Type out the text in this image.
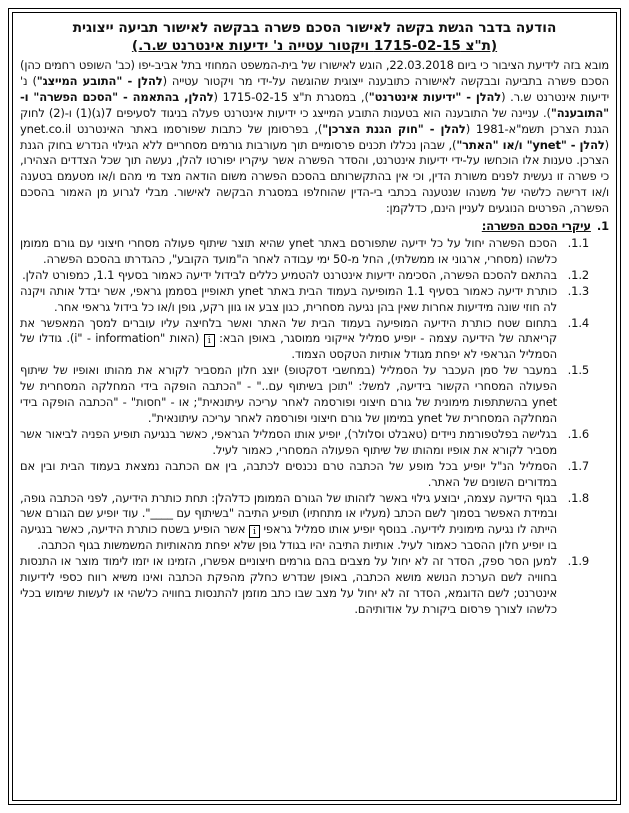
הודעה בדבר הגשת בקשה לאישור הסכם פשרה בבקשה לאישור תביעה ייצוגית
(ת"צ 1715-02-15 ויקטור עטייה נ' ידיעות אינטרנט ש.ר.)

מובא בזה לידיעת הציבור כי ביום 22.03.2018, הוגש לאישורו של בית-המשפט המחוזי בתל אביב-יפו (כב' השופט רחמים כהן) הסכם פשרה בתביעה ובבקשה לאישורה כתובענה ייצוגית שהוגשה על-ידי מר ויקטור עטייה (להלן - "התובע המייצג") נ' ידיעות אינטרנט ש.ר. (להלן - "ידיעות אינטרנט"), במסגרת ת"צ 1715-02-15 (להלן, בהתאמה - "הסכם הפשרה" ו-"התובענה"). עניינה של התובענה הוא בטענות התובע המייצג כי ידיעות אינטרנט פעלה בניגוד לסעיפים 7(ג)(1) ו-(2) לחוק הגנת הצרכן תשמ"א-1981 (להלן - "חוק הגנת הצרכן"), בפרסומן של כתבות שפורסמו באתר האינטרנט ynet.co.il (להלן - "ynet" ו/או "האתר"), שבהן נכללו תכנים פרסומיים תוך מעורבות גורמים מסחריים ללא הגילוי הנדרש בחוק הגנת הצרכן. טענות אלו הוכחשו על-ידי ידיעות אינטרנט, והסדר הפשרה אשר עיקריו יפורטו להלן, נעשה תוך שכל הצדדים הצהירו, כי פשרה זו נעשית לפנים משורת הדין, וכי אין בהתקשרותם בהסכם הפשרה משום הודאה מצד מי מהם ו/או מטעמם בטענה ו/או דרישה כלשהי של משנהו שנטענה בכתבי בי-הדין שהוחלפו במסגרת הבקשה לאישור. מבלי לגרוע מן האמור בהסכם הפשרה, הפרטים הנוגעים לעניין הינם, כדלקמן:

1.
עיקרי הסכם הפשרה:
1.1.
הסכם הפשרה יחול על כל ידיעה שתפורסם באתר ynet שהיא תוצר שיתוף פעולה מסחרי חיצוני עם גורם ממומן כלשהו (מסחרי, ארגוני או ממשלתי), החל מ-50 ימי עבודה לאחר ה"מועד הקובע", כהגדרתו בהסכם הפשרה.
1.2.
בהתאם להסכם הפשרה, הסכימה ידיעות אינטרנט להטמיע כללים לבידול ידיעה כאמור בסעיף 1.1, כמפורט להלן.
1.3.
כותרת ידיעה כאמור בסעיף 1.1 המופיעה בעמוד הבית באתר ynet תאופיין בסממן גראפי, אשר יבדל אותה ויקנה לה חוזי שונה מידיעות אחרות שאין בהן נגיעה מסחרית, כגון צבע או גוון רקע, גופן ו/או כל בידול גראפי אחר.
1.4.
בתחום שטח כותרת הידיעה המופיעה בעמוד הבית של האתר ואשר בלחיצה עליו עוברים למסך המאפשר את קריאתה של הידיעה עצמה - יופיע סמליל אייקוני ממוסגר, באופן הבא: i (האות "i" - information). גודלו של הסמליל הגראפי לא יפחת מגודל אותיות הטקסט הצמוד.
1.5.
במעבר של סמן העכבר על הסמליל (במחשבי דסקטופ) יוצג חלון המסביר לקורא את מהותו ואופיו של שיתוף הפעולה המסחרי הקשור בידיעה, למשל: "תוכן בשיתוף עם.." - "הכתבה הופקה בידי המחלקה המסחרית של ynet בהשתתפות מימונית של גורם חיצוני ופורסמה לאחר עריכה עיתונאית"; או - "חסות" - "הכתבה הופקה בידי המחלקה המסחרית של ynet במימון של גורם חיצוני ופורסמה לאחר עריכה עיתונאית".
1.6.
בגלישה בפלטפורמת ניידים (טאבלט וסלולר), יופיע אותו הסמליל הגראפי, כאשר בנגיעה תופיע הפניה לביאור אשר מסביר לקורא את אופיו ומהותו של שיתוף הפעולה המסחרי, כאמור לעיל.
1.7.
הסמליל הנ"ל יופיע בכל מופע של הכתבה טרם נכנסים לכתבה, בין אם הכתבה נמצאת בעמוד הבית ובין אם במדורים השונים של האתר.
1.8.
בגוף הידיעה עצמה, יבוצע גילוי באשר לזהותו של הגורם הממומן כדלהלן: תחת כותרת הידיעה, לפני הכתבה גופה, ובמידת האפשר בסמוך לשם הכתב (מעליו או מתחתיו) תופיע התיבה "בשיתוף עם ____". עוד יופיע שם הגורם אשר הייתה לו נגיעה מימונית לידיעה. בנוסף יופיע אותו סמליל גראפי i אשר הופיע בשטח כותרת הידיעה, כאשר בנגיעה בו יופיע חלון ההסבר כאמור לעיל. אותיות התיבה יהיו בגודל גופן שלא יפחת מהאותיות המשמשות בגוף הכתבה.
1.9.
למען הסר ספק, הסדר זה לא יחול על מצבים בהם גורמים חיצוניים אפשרו, הזמינו או יזמו לימוד מוצר או התנסות בחוויה לשם הערכת הנושא מושא הכתבה, באופן שנדרש כחלק מהפקת הכתבה ואינו משיא רווח כספי לידיעות אינטרנט; לשם הדוגמא, הסדר זה לא יחול על מצב שבו כתב מוזמן להתנסות בחוויה כלשהי או לעשות שימוש בכלי כלשהו לצורך פרסום ביקורת על אודותיהם.
